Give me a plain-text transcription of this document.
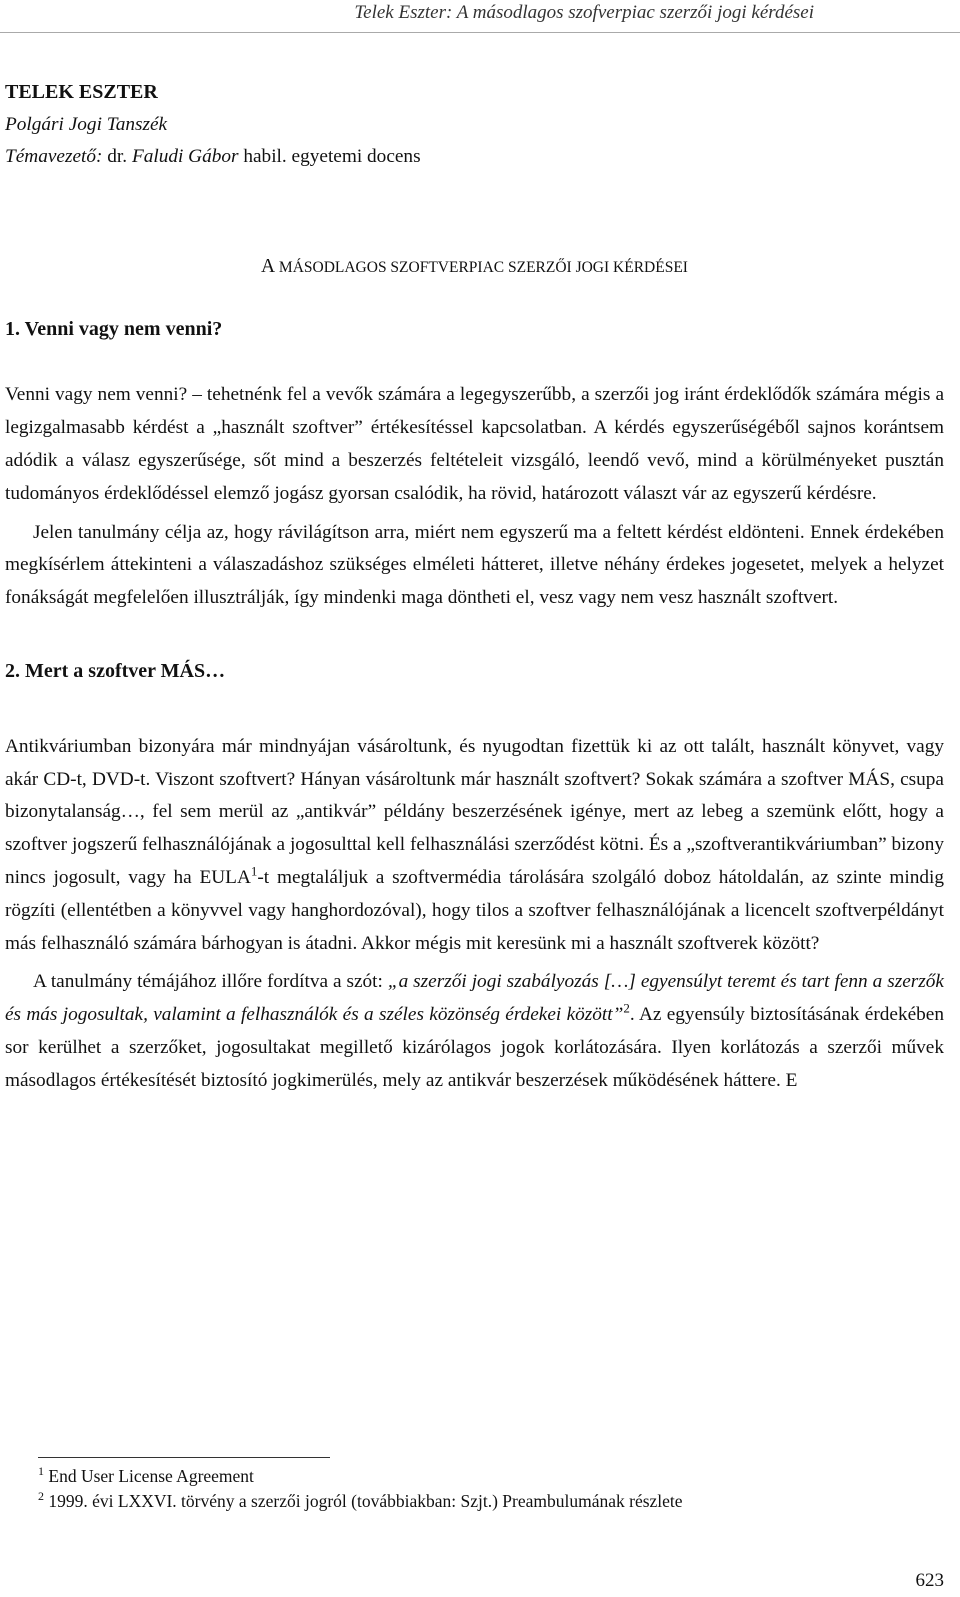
Telek Eszter: A másodlagos szofverpiac szerzői jogi kérdései

TELEK ESZTER

Polgári Jogi Tanszék

Témavezető: dr. Faludi Gábor habil. egyetemi docens

A MÁSODLAGOS SZOFTVERPIAC SZERZŐI JOGI KÉRDÉSEI

1. Venni vagy nem venni?

Venni vagy nem venni? – tehetnénk fel a vevők számára a legegyszerűbb, a szerzői jog iránt érdeklődők számára mégis a legizgalmasabb kérdést a „használt szoftver” értékesítéssel kapcsolatban. A kérdés egyszerűségéből sajnos korántsem adódik a válasz egyszerűsége, sőt mind a beszerzés feltételeit vizsgáló, leendő vevő, mind a körülményeket pusztán tudományos érdeklődéssel elemző jogász gyorsan csalódik, ha rövid, határozott választ vár az egyszerű kérdésre.

Jelen tanulmány célja az, hogy rávilágítson arra, miért nem egyszerű ma a feltett kérdést eldönteni. Ennek érdekében megkísérlem áttekinteni a válaszadáshoz szükséges elméleti hátteret, illetve néhány érdekes jogesetet, melyek a helyzet fonákságát megfelelően illusztrálják, így mindenki maga döntheti el, vesz vagy nem vesz használt szoftvert.

2. Mert a szoftver MÁS…

Antikváriumban bizonyára már mindnyájan vásároltunk, és nyugodtan fizettük ki az ott talált, használt könyvet, vagy akár CD-t, DVD-t. Viszont szoftvert? Hányan vásároltunk már használt szoftvert? Sokak számára a szoftver MÁS, csupa bizonytalanság…, fel sem merül az „antikvár” példány beszerzésének igénye, mert az lebeg a szemünk előtt, hogy a szoftver jogszerű felhasználójának a jogosulttal kell felhasználási szerződést kötni. És a „szoftverantikváriumban” bizony nincs jogosult, vagy ha EULA$^1$-t megtaláljuk a szoftvermédia tárolására szolgáló doboz hátoldalán, az szinte mindig rögzíti (ellentétben a könyvvel vagy hanghordozóval), hogy tilos a szoftver felhasználójának a licencelt szoftverpéldányt más felhasználó számára bárhogyan is átadni. Akkor mégis mit keresünk mi a használt szoftverek között?

A tanulmány témájához illőre fordítva a szót: „a szerzői jogi szabályozás […] egyensúlyt teremt és tart fenn a szerzők és más jogosultak, valamint a felhasználók és a széles közönség érdekei között”$^2$. Az egyensúly biztosításának érdekében sor kerülhet a szerzőket, jogosultakat megillető kizárólagos jogok korlátozására. Ilyen korlátozás a szerzői művek másodlagos értékesítését biztosító jogkimerülés, mely az antikvár beszerzések működésének háttere. E

$^1$ End User License Agreement
$^2$ 1999. évi LXXVI. törvény a szerzői jogról (továbbiakban: Szjt.) Preambulumának részlete
623
